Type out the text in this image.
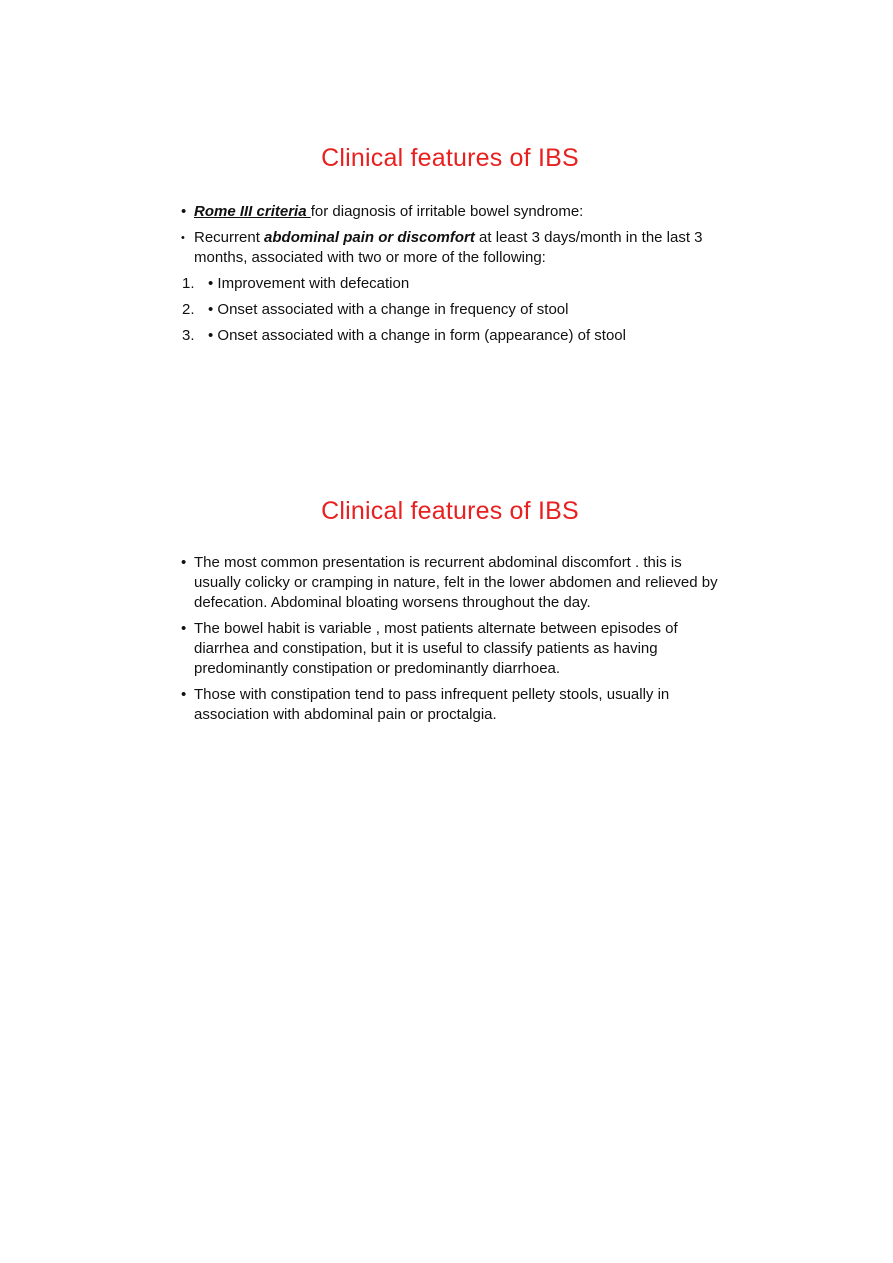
Clinical features of IBS
• Rome III criteria for diagnosis of irritable bowel syndrome:
• Recurrent abdominal pain or discomfort at least 3 days/month in the last 3 months, associated with two or more of the following:
1. • Improvement with defecation
2. • Onset associated with a change in frequency of stool
3. • Onset associated with a change in form (appearance) of stool
Clinical features of IBS
• The most common presentation is recurrent abdominal discomfort . this is usually colicky or cramping in nature, felt in the lower abdomen and relieved by defecation. Abdominal bloating worsens throughout the day.
• The bowel habit is variable , most patients alternate between episodes of diarrhea and constipation, but it is useful to classify patients as having predominantly constipation or predominantly diarrhoea.
• Those with constipation tend to pass infrequent pellety stools, usually in association with abdominal pain or proctalgia.
